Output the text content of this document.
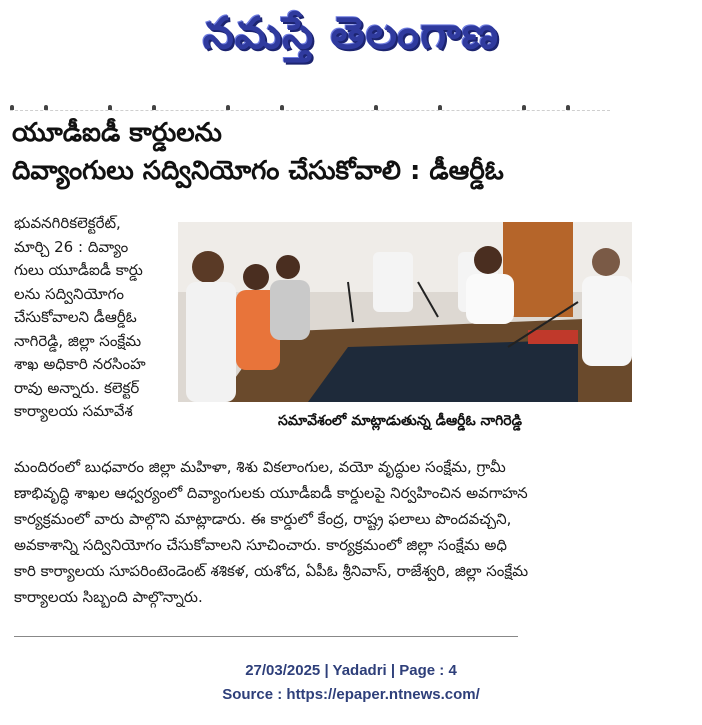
నమస్తే తెలంగాణ
యూడీఐడీ కార్డులను
దివ్యాంగులు సద్వినియోగం చేసుకోవాలి : డీఆర్డీఓ
భువనగిరికలెక్టరేట్,
మార్చి 26 : దివ్యాం
గులు యూడీఐడీ కార్డు
లను సద్వినియోగం
చేసుకోవాలని డీఆర్డీఓ
నాగిరెడ్డి, జిల్లా సంక్షేమ
శాఖ అధికారి నరసింహ
రావు అన్నారు. కలెక్టర్
కార్యాలయ సమావేశ
సమావేశంలో మాట్లాడుతున్న డీఆర్డీఓ నాగిరెడ్డి
మందిరంలో బుధవారం జిల్లా మహిళా, శిశు వికలాంగుల, వయో వృద్ధుల సంక్షేమ, గ్రామీ
ణాభివృద్ధి శాఖల ఆధ్వర్యంలో దివ్యాంగులకు యూడీఐడీ కార్డులపై నిర్వహించిన అవగాహన
కార్యక్రమంలో వారు పాల్గొని మాట్లాడారు. ఈ కార్డులో కేంద్ర, రాష్ట్ర ఫలాలు పొందవచ్చని,
అవకాశాన్ని సద్వినియోగం చేసుకోవాలని సూచించారు. కార్యక్రమంలో జిల్లా సంక్షేమ అధి
కారి కార్యాలయ సూపరింటెండెంట్ శశికళ, యశోద, ఏపీఓ శ్రీనివాస్, రాజేశ్వరి, జిల్లా సంక్షేమ
కార్యాలయ సిబ్బంది పాల్గొన్నారు.
27/03/2025 | Yadadri | Page : 4
Source : https://epaper.ntnews.com/
